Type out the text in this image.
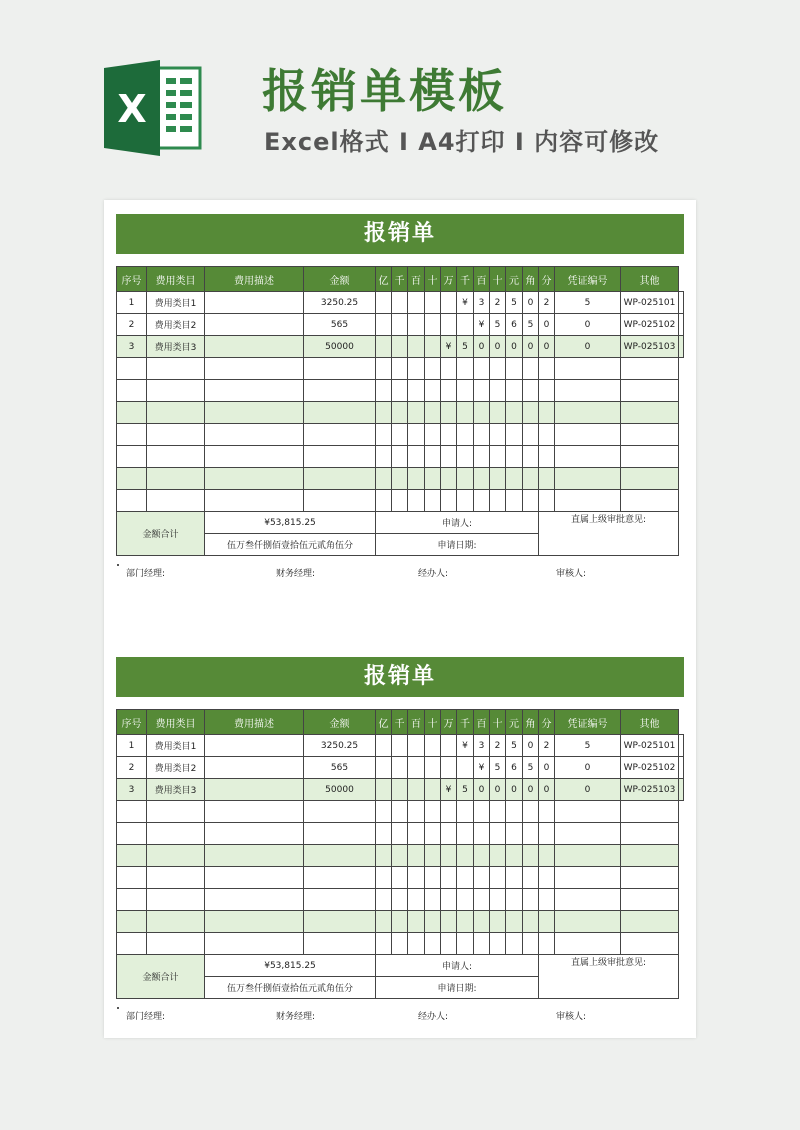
X	报销单模板
Excel格式 I A4打印 I 内容可修改
报销单
序号	费用类目	费用描述	金额	亿	千	百	十	万	千	百	十	元	角	分	凭证编号	其他	
1	费用类目1		3250.25						¥	3	2	5	0	2	5	WP-025101	
2	费用类目2		565							¥	5	6	5	0	0	WP-025102	
3	费用类目3		50000					¥	5	0	0	0	0	0	0	WP-025103	

金额合计		¥53,815.25		申请人:										直属上级审批意见:			
		伍万叁仟捌佰壹拾伍元贰角伍分		申请日期:													
部门经理:	财务经理:	经办人:	审核人:
报销单
序号	费用类目	费用描述	金额	亿	千	百	十	万	千	百	十	元	角	分	凭证编号	其他	
1	费用类目1		3250.25						¥	3	2	5	0	2	5	WP-025101	
2	费用类目2		565							¥	5	6	5	0	0	WP-025102	
3	费用类目3		50000					¥	5	0	0	0	0	0	0	WP-025103	

金额合计		¥53,815.25		申请人:										直属上级审批意见:			
		伍万叁仟捌佰壹拾伍元贰角伍分		申请日期:													
部门经理:	财务经理:	经办人:	审核人:
